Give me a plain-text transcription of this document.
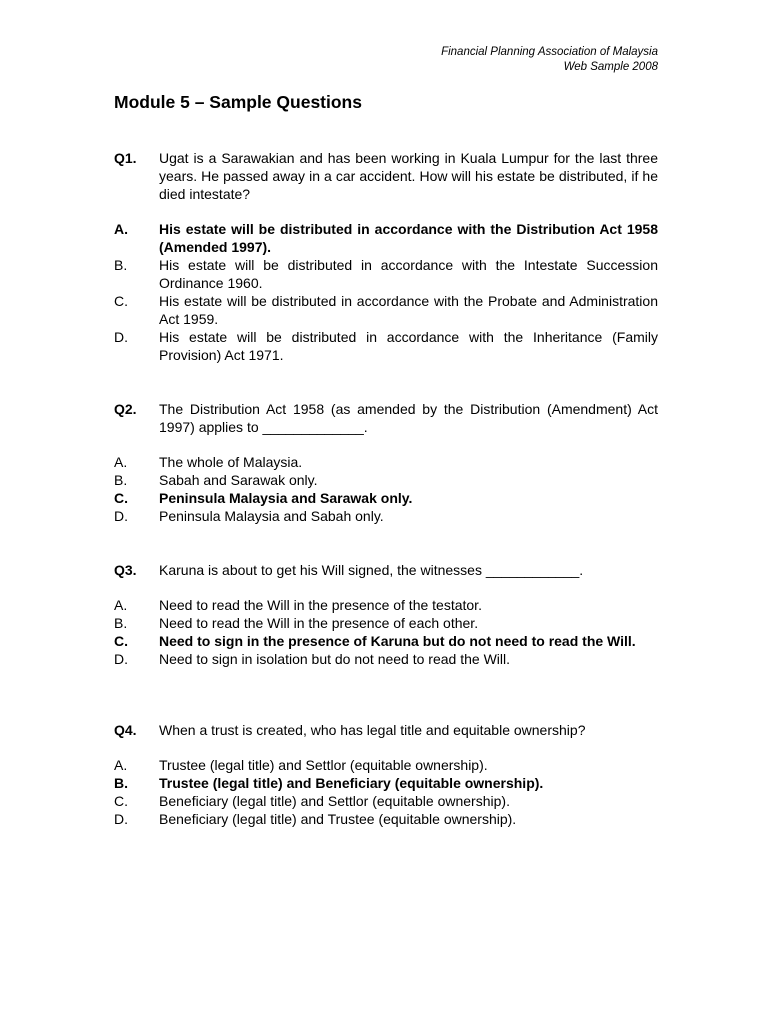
Financial Planning Association of Malaysia
Web Sample 2008
Module 5 – Sample Questions
Q1.	Ugat is a Sarawakian and has been working in Kuala Lumpur for the last three years. He passed away in a car accident. How will his estate be distributed, if he died intestate?
A.	His estate will be distributed in accordance with the Distribution Act 1958 (Amended 1997).
B.	His estate will be distributed in accordance with the Intestate Succession Ordinance 1960.
C.	His estate will be distributed in accordance with the Probate and Administration Act 1959.
D.	His estate will be distributed in accordance with the Inheritance (Family Provision) Act 1971.
Q2.	The Distribution Act 1958 (as amended by the Distribution (Amendment) Act 1997) applies to _____________.
A.	The whole of Malaysia.
B.	Sabah and Sarawak only.
C.	Peninsula Malaysia and Sarawak only.
D.	Peninsula Malaysia and Sabah only.
Q3.	Karuna is about to get his Will signed, the witnesses ____________.
A.	Need to read the Will in the presence of the testator.
B.	Need to read the Will in the presence of each other.
C.	Need to sign in the presence of Karuna but do not need to read the Will.
D.	Need to sign in isolation but do not need to read the Will.
Q4.	When a trust is created, who has legal title and equitable ownership?
A.	Trustee (legal title) and Settlor (equitable ownership).
B.	Trustee (legal title) and Beneficiary (equitable ownership).
C.	Beneficiary (legal title) and Settlor (equitable ownership).
D.	Beneficiary (legal title) and Trustee (equitable ownership).
